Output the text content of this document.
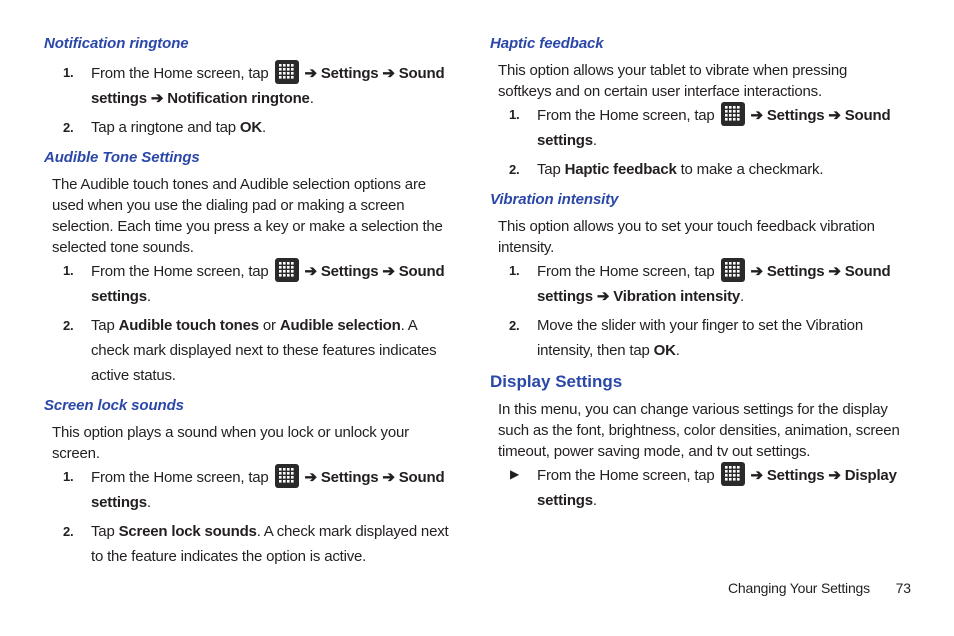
Notification ringtone
1. From the Home screen, tap ➔ Settings ➔ Sound settings ➔ Notification ringtone.
2. Tap a ringtone and tap OK.
Audible Tone Settings

The Audible touch tones and Audible selection options are used when you use the dialing pad or making a screen selection. Each time you press a key or make a selection the selected tone sounds.

1. From the Home screen, tap ➔ Settings ➔ Sound settings.
2. Tap Audible touch tones or Audible selection. A check mark displayed next to these features indicates active status.
Screen lock sounds

This option plays a sound when you lock or unlock your screen.

1. From the Home screen, tap ➔ Settings ➔ Sound settings.
2. Tap Screen lock sounds. A check mark displayed next to the feature indicates the option is active.
Haptic feedback

This option allows your tablet to vibrate when pressing softkeys and on certain user interface interactions.

1. From the Home screen, tap ➔ Settings ➔ Sound settings.
2. Tap Haptic feedback to make a checkmark.
Vibration intensity

This option allows you to set your touch feedback vibration intensity.

1. From the Home screen, tap ➔ Settings ➔ Sound settings ➔ Vibration intensity.
2. Move the slider with your finger to set the Vibration intensity, then tap OK.
Display Settings

In this menu, you can change various settings for the display such as the font, brightness, color densities, animation, screen timeout, power saving mode, and tv out settings.

▶ From the Home screen, tap ➔ Settings ➔ Display settings.
Changing Your Settings 73
